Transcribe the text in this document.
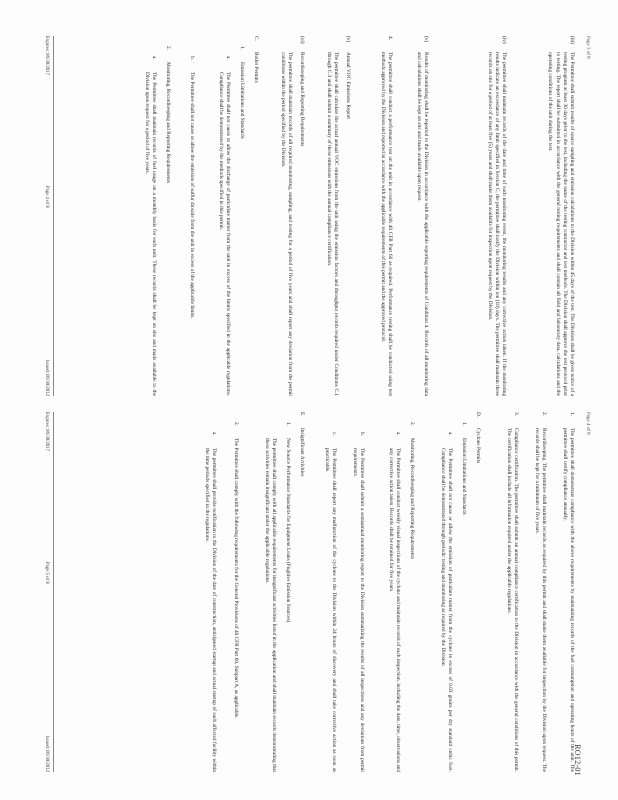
RO12-01
Page 3 of 8
(iii)
The Permittee shall submit results of source sampling and emission calculations to the Division within 45 days of the test. The Division shall be given notice of a testing program at least 30 days prior to the test, including the name of the testing contractor and test methods. The Division shall approve the test protocol prior to testing. The report shall be submitted in accordance with the general testing requirements and shall contain all field and laboratory data, calculations and the operating conditions of the unit during the test.
(iv)
The permittee shall maintain records of the date and time of each monitoring event, the monitoring results and any corrective action taken. If the monitoring results indicate an exceedance of any limit specified in Section C, the permittee shall notify the Division within ten (10) days. The permittee shall maintain these records on site for a period of at least five (5) years and shall make them available for inspection upon request by the Division.
(v)
Results of monitoring shall be reported to the Division in accordance with the applicable reporting requirements of Condition 4. Records of all monitoring data and calculations shall be kept on site and made available upon request.
4.
The permittee shall conduct a performance test on the unit in accordance with 40 CFR Part 60 as required. Performance testing shall be conducted using test methods approved by the Division and reported in accordance with the applicable requirements of this permit and the approved protocol.
(v)
Annual VOC Emissions Report
The permittee shall calculate the actual annual VOC emissions from the unit using the emission factors and throughput records required under Conditions C.1 through C.3 and shall submit a summary of these emissions with the annual compliance certification.
(vi)
Recordkeeping and Reporting Requirements
The permittee shall maintain records of all required monitoring, sampling, and testing for a period of five years and shall report any deviation from the permit conditions within the period specified by the Division.
C.
Boiler Permits
1.
Emission Limitations and Standards
a.
The Permittee shall not cause or allow the discharge of particulate matter from the unit in excess of the limits specified in the applicable regulations. Compliance shall be demonstrated by the methods specified in this permit.
b.
The Permittee shall not cause or allow the emission of sulfur dioxide from the unit in excess of the applicable limits.
2.
Monitoring, Recordkeeping and Reporting Requirements
a.
The Permittee shall maintain records of fuel usage on a monthly basis for each unit. These records shall be kept on site and made available to the Division upon request for a period of five years.
Expires: 06/30/2017
Page 4 of 8
Issued: 06/30/2012
Page 4 of 8
1.
The permittee shall demonstrate compliance with the above requirements by maintaining records of the fuel consumption and operating hours of the unit. The permittee shall certify compliance annually.
2.
Recordkeeping. The permittee shall maintain records as required by this permit and shall make them available for inspection by the Division upon request. The records shall be kept for a minimum of five years.
3.
Compliance certification. The permittee shall submit an annual compliance certification to the Division in accordance with the general conditions of this permit. The certification shall include all information required under the applicable regulations.
D.
Cyclone Permits
1.
Emission Limitations and Standards
a.
The Permittee shall not cause or allow the emission of particulate matter from the cyclone in excess of 0.03 grains per dry standard cubic foot. Compliance shall be demonstrated through periodic testing and monitoring as required by the Division.
2.
Monitoring, Recordkeeping and Reporting Requirements
a.
The Permittee shall conduct weekly visual inspections of the cyclone and maintain records of each inspection, including the date, time, observations and any corrective action taken. Records shall be retained for five years.
b.
The Permittee shall submit a semiannual monitoring report to the Division summarizing the results of all inspections and any deviations from permit requirements.
c.
The Permittee shall report any malfunction of the cyclone to the Division within 24 hours of discovery and shall take corrective action as soon as practicable.
E.
Insignificant Activities
1.
New Source Performance Standards for Equipment Leaks (Fugitive Emission Sources)
The permittee shall comply with all applicable requirements for insignificant activities listed in the application and shall maintain records demonstrating that these activities remain insignificant under the applicable regulations.
2.
The Permittee shall comply with the following requirements for the General Provisions of 40 CFR Part 60, Subpart A, as applicable.
a.
The permittee shall provide notification to the Division of the date of construction, anticipated startup and actual startup of each affected facility within the time periods specified in the regulations.
Expires: 06/30/2017
Page 5 of 8
Issued: 06/30/2012
